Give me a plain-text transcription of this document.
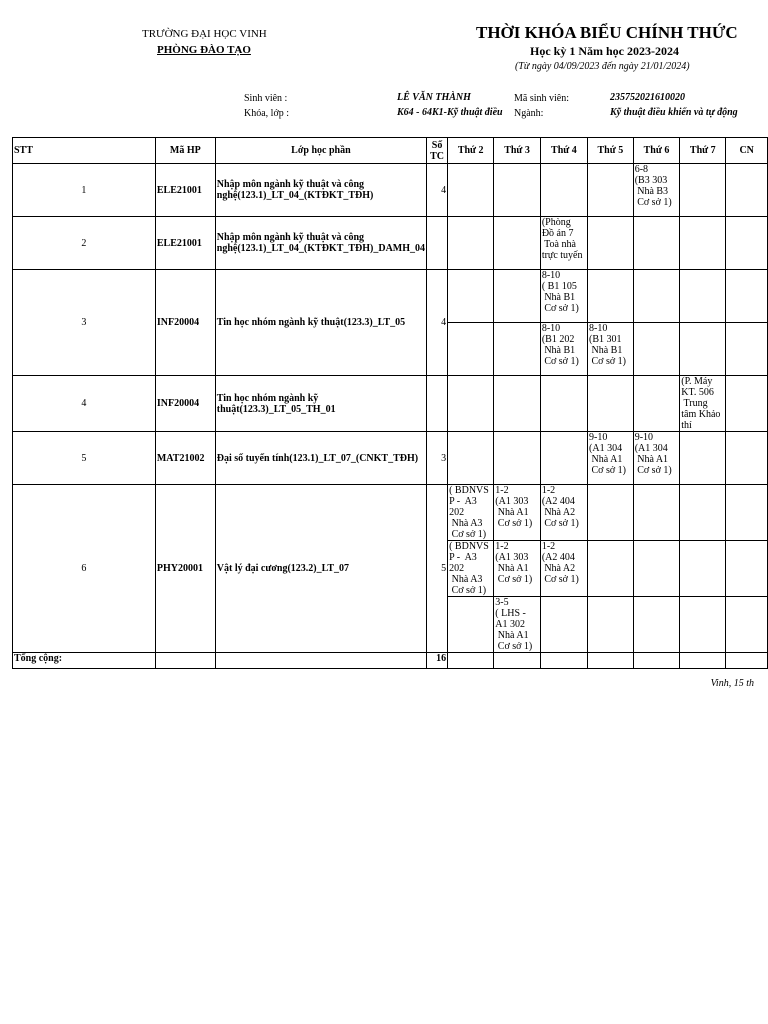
TRƯỜNG ĐẠI HỌC VINH
PHÒNG ĐÀO TẠO
THỜI KHÓA BIỂU CHÍNH THỨC
Học kỳ 1 Năm học 2023-2024
(Từ ngày 04/09/2023 đến ngày 21/01/2024)
Sinh viên :	LÊ VĂN THÀNH	Mã sinh viên:	235752021610020
Khóa, lớp :	K64 - 64K1-Kỹ thuật điều Ngành:	Kỹ thuật điều khiển và tự động
STT	Mã HP	Lớp học phần	Số TC	Thứ 2	Thứ 3	Thứ 4	Thứ 5	Thứ 6	Thứ 7	CN
1	ELE21001	Nhập môn ngành kỹ thuật và công nghệ(123.1)_LT_04_(KTĐKT_TĐH)	4					6-8
(B3 303
Nhà B3
Cơ sở 1)		
2	ELE21001	Nhập môn ngành kỹ thuật và công nghệ(123.1)_LT_04_(KTĐKT_TĐH)_DAMH_04				(Phòng
Đồ án 7
Toà nhà
trực tuyến				
3	INF20004	Tin học nhóm ngành kỹ thuật(123.3)_LT_05	4			8-10
( B1 105
Nhà B1
Cơ sở 1)				
						8-10
(B1 202
Nhà B1
Cơ sở 1)	8-10
(B1 301
Nhà B1
Cơ sở 1)			
4	INF20004	Tin học nhóm ngành kỹ thuật(123.3)_LT_05_TH_01							(P. Máy
KT. 506
Trung
tâm Khảo
thí	
5	MAT21002	Đại số tuyến tính(123.1)_LT_07_(CNKT_TĐH)	3				9-10
(A1 304
Nhà A1
Cơ sở 1)	9-10
(A1 304
Nhà A1
Cơ sở 1)		
6	PHY20001	Vật lý đại cương(123.2)_LT_07	5	( BDNVS
P -  A3
202
Nhà A3
Cơ sở 1)	1-2
(A1 303
Nhà A1
Cơ sở 1)	1-2
(A2 404
Nhà A2
Cơ sở 1)				
				( BDNVS
P -  A3
202
Nhà A3
Cơ sở 1)	1-2
(A1 303
Nhà A1
Cơ sở 1)	1-2
(A2 404
Nhà A2
Cơ sở 1)				
					3-5
( LHS -
A1 302
Nhà A1
Cơ sở 1)					
Tổng cộng:			16							
Vinh, 15 th
